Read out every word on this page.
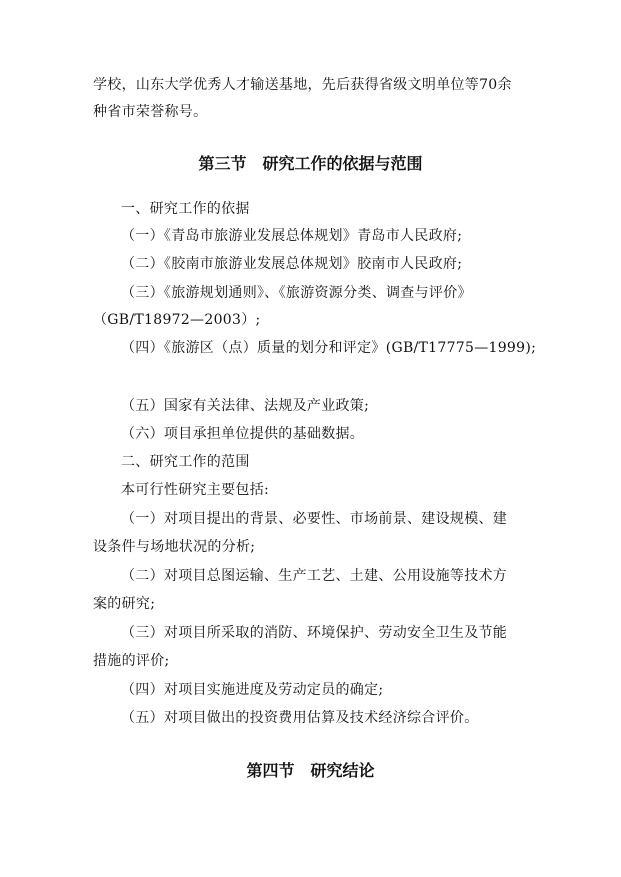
学校，山东大学优秀人才输送基地，先后获得省级文明单位等70余
种省市荣誉称号。
第三节　研究工作的依据与范围
一、研究工作的依据
（一）《青岛市旅游业发展总体规划》青岛市人民政府;
（二）《胶南市旅游业发展总体规划》胶南市人民政府;
（三）《旅游规划通则》、《旅游资源分类、调查与评价》
（GB/T18972—2003）;
（四）《旅游区（点）质量的划分和评定》(GB/T17775—1999);
（五）国家有关法律、法规及产业政策;
（六）项目承担单位提供的基础数据。
二、研究工作的范围
本可行性研究主要包括:
（一）对项目提出的背景、必要性、市场前景、建设规模、建
设条件与场地状况的分析;
（二）对项目总图运输、生产工艺、土建、公用设施等技术方
案的研究;
（三）对项目所采取的消防、环境保护、劳动安全卫生及节能
措施的评价;
（四）对项目实施进度及劳动定员的确定;
（五）对项目做出的投资费用估算及技术经济综合评价。
第四节　研究结论
